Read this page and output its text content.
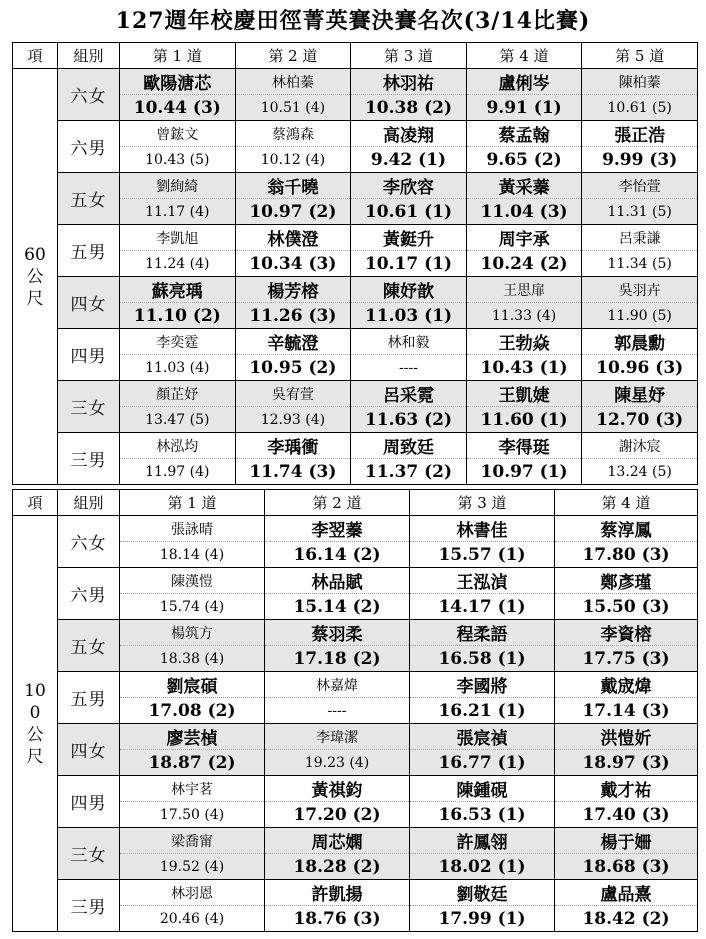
127週年校慶田徑菁英賽決賽名次(3/14比賽)
項	組別	第 1 道	第 2 道	第 3 道	第 4 道	第 5 道
60公尺	六女	歐陽溏芯	林柏蓁	林羽祐	盧俐岑	陳柏蓁
		10.44 (3)	10.51 (4)	10.38 (2)	9.91 (1)	10.61 (5)
	六男	曾鋐文	蔡鴻森	高凌翔	蔡孟翰	張正浩
		10.43 (5)	10.12 (4)	9.42 (1)	9.65 (2)	9.99 (3)
	五女	劉絢綺	翁千曉	李欣容	黃采蓁	李怡萱
		11.17 (4)	10.97 (2)	10.61 (1)	11.04 (3)	11.31 (5)
	五男	李凱旭	林僕澄	黃鋌升	周宇承	呂秉謙
		11.24 (4)	10.34 (3)	10.17 (1)	10.24 (2)	11.34 (5)
	四女	蘇亮瑀	楊芳榕	陳妤歆	王思扉	吳羽卉
		11.10 (2)	11.26 (3)	11.03 (1)	11.33 (4)	11.90 (5)
	四男	李奕霆	辛毓澄	林和毅	王勃焱	郭晨勳
		11.03 (4)	10.95 (2)	----	10.43 (1)	10.96 (3)
	三女	顏芷妤	吳宥萱	呂采霓	王凱婕	陳星妤
		13.47 (5)	12.93 (4)	11.63 (2)	11.60 (1)	12.70 (3)
	三男	林泓均	李瑀衝	周致廷	李得珽	謝沐宸
		11.97 (4)	11.74 (3)	11.37 (2)	10.97 (1)	13.24 (5)
項	組別	第 1 道	第 2 道	第 3 道	第 4 道
100公尺	六女	張詠晴	李翌蓁	林書佳	蔡淳鳳
		18.14 (4)	16.14 (2)	15.57 (1)	17.80 (3)
	六男	陳漢愷	林品賦	王泓湞	鄭彥瑾
		15.74 (4)	15.14 (2)	14.17 (1)	15.50 (3)
	五女	楊筑方	蔡羽柔	程柔語	李資榕
		18.38 (4)	17.18 (2)	16.58 (1)	17.75 (3)
	五男	劉宸碩	林嘉煒	李國將	戴宬煒
		17.08 (2)	----	16.21 (1)	17.14 (3)
	四女	廖芸楨	李瑋潔	張宸禎	洪愷妡
		18.87 (2)	19.23 (4)	16.77 (1)	18.97 (3)
	四男	林宇茗	黃祺鈞	陳鍾硯	戴才祐
		17.50 (4)	17.20 (2)	16.53 (1)	17.40 (3)
	三女	梁喬甯	周芯嫻	許鳳翎	楊于姍
		19.52 (4)	18.28 (2)	18.02 (1)	18.68 (3)
	三男	林羽恩	許凱揚	劉敬廷	盧品熹
		20.46 (4)	18.76 (3)	17.99 (1)	18.42 (2)
